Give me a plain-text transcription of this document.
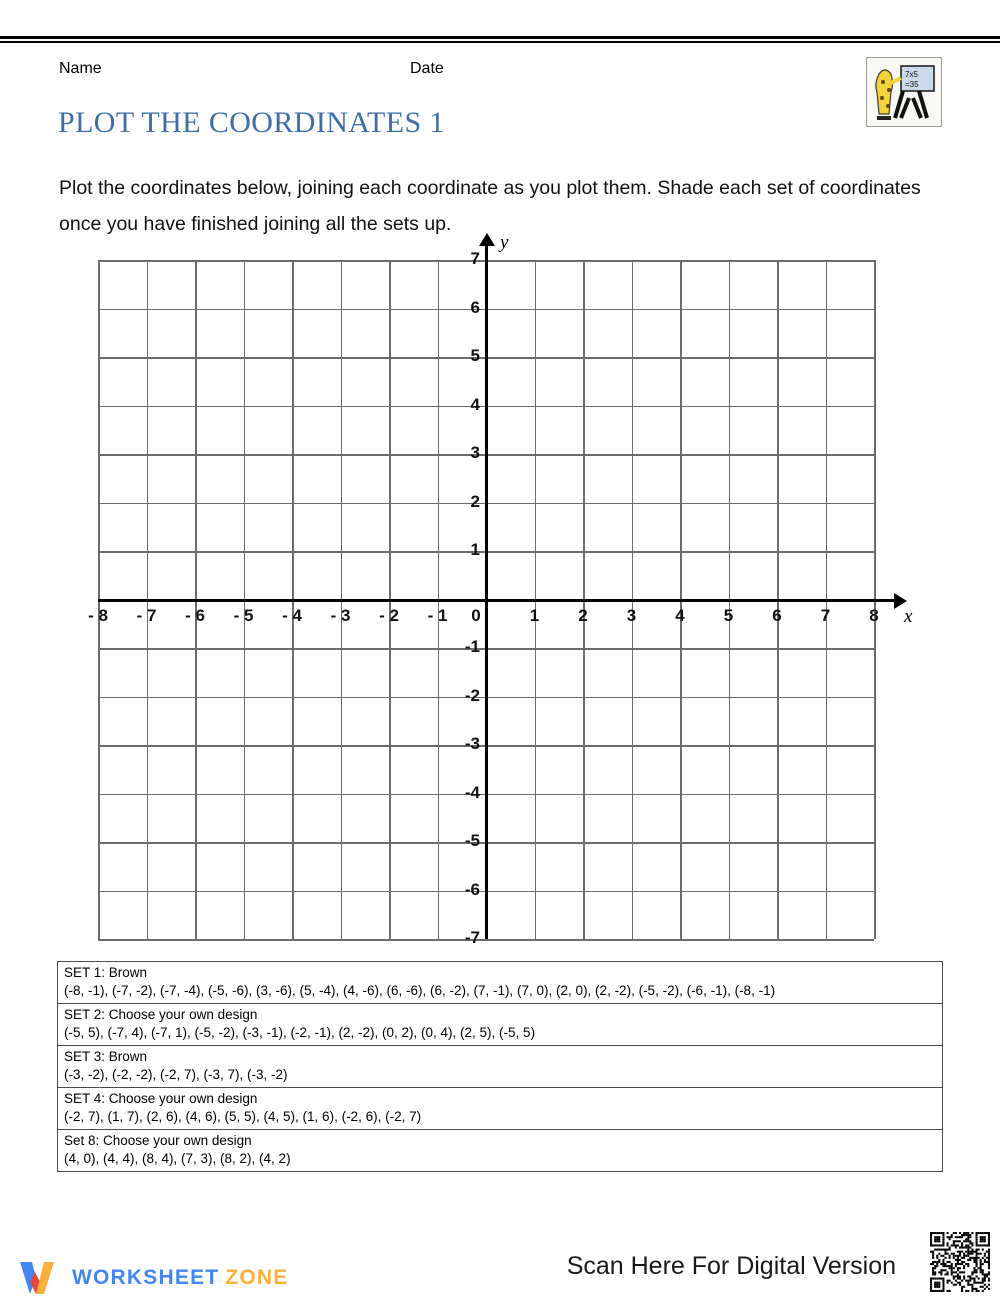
Name	Date	7x5
=35
PLOT THE COORDINATES 1
Plot the coordinates below, joining each coordinate as you plot them. Shade each set of coordinates once you have finished joining all the sets up.
- 8 - 7 - 6 - 5 - 4 - 3 - 2 - 1 0	1 2 3 4 5 6 7 8
7
6
5
4
3
2
1
-1
-2
-3
-4
-5
-6
-7
x
y
SET 1: Brown
(-8, -1), (-7, -2), (-7, -4), (-5, -6), (3, -6), (5, -4), (4, -6), (6, -6), (6, -2), (7, -1), (7, 0), (2, 0), (2, -2), (-5, -2), (-6, -1), (-8, -1)
SET 2: Choose your own design
(-5, 5), (-7, 4), (-7, 1), (-5, -2), (-3, -1), (-2, -1), (2, -2), (0, 2), (0, 4), (2, 5), (-5, 5)
SET 3: Brown
(-3, -2), (-2, -2), (-2, 7), (-3, 7), (-3, -2)
SET 4: Choose your own design
(-2, 7), (1, 7), (2, 6), (4, 6), (5, 5), (4, 5), (1, 6), (-2, 6), (-2, 7)
Set 8: Choose your own design
(4, 0), (4, 4), (8, 4), (7, 3), (8, 2), (4, 2)
WORKSHEET ZONE	Scan Here For Digital Version
